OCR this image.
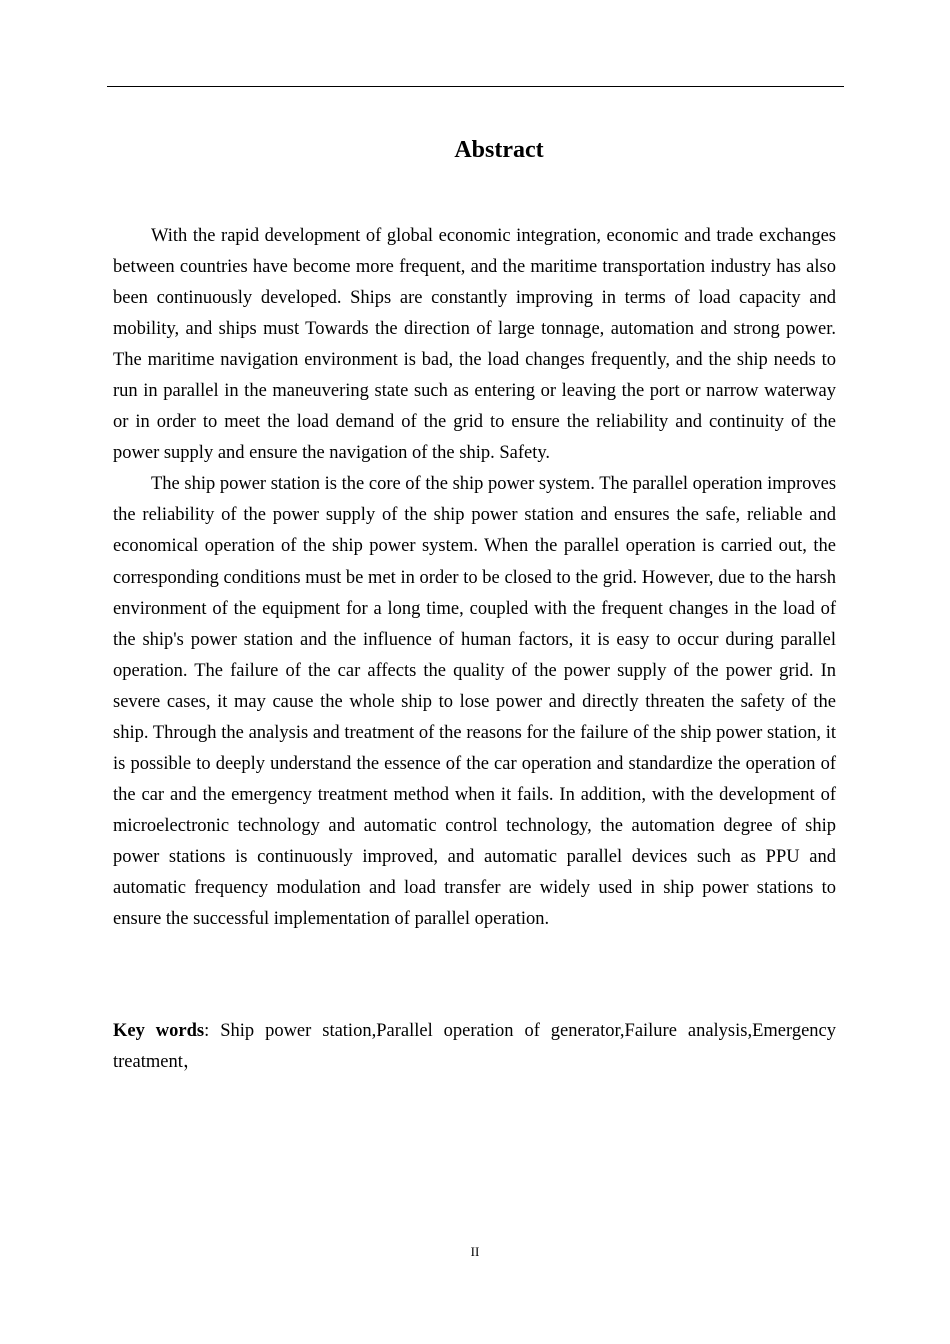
Abstract

With the rapid development of global economic integration, economic and trade exchanges between countries have become more frequent, and the maritime transportation industry has also been continuously developed. Ships are constantly improving in terms of load capacity and mobility, and ships must Towards the direction of large tonnage, automation and strong power. The maritime navigation environment is bad, the load changes frequently, and the ship needs to run in parallel in the maneuvering state such as entering or leaving the port or narrow waterway or in order to meet the load demand of the grid to ensure the reliability and continuity of the power supply and ensure the navigation of the ship. Safety.

The ship power station is the core of the ship power system. The parallel operation improves the reliability of the power supply of the ship power station and ensures the safe, reliable and economical operation of the ship power system. When the parallel operation is carried out, the corresponding conditions must be met in order to be closed to the grid. However, due to the harsh environment of the equipment for a long time, coupled with the frequent changes in the load of the ship's power station and the influence of human factors, it is easy to occur during parallel operation. The failure of the car affects the quality of the power supply of the power grid. In severe cases, it may cause the whole ship to lose power and directly threaten the safety of the ship. Through the analysis and treatment of the reasons for the failure of the ship power station, it is possible to deeply understand the essence of the car operation and standardize the operation of the car and the emergency treatment method when it fails. In addition, with the development of microelectronic technology and automatic control technology, the automation degree of ship power stations is continuously improved, and automatic parallel devices such as PPU and automatic frequency modulation and load transfer are widely used in ship power stations to ensure the successful implementation of parallel operation.

Key words: Ship power station,Parallel operation of generator,Failure analysis,Emergency treatment，

II
